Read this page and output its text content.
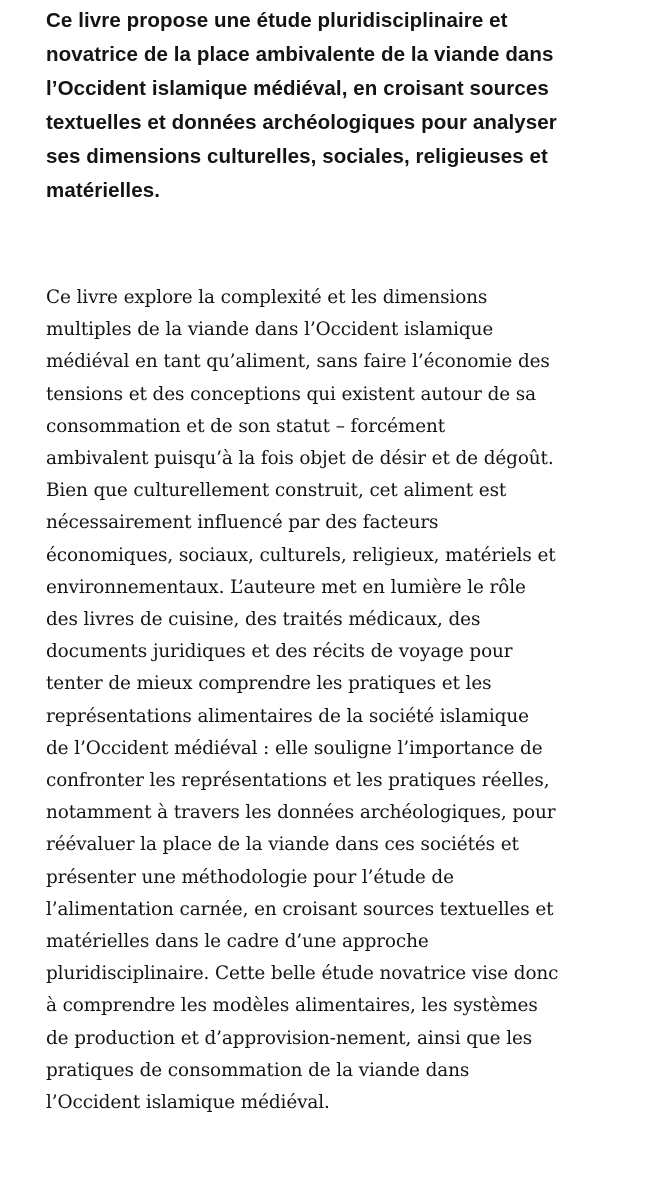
Ce livre propose une étude pluridisciplinaire et
novatrice de la place ambivalente de la viande dans
l’Occident islamique médiéval, en croisant sources
textuelles et données archéologiques pour analyser
ses dimensions culturelles, sociales, religieuses et
matérielles.

Ce livre explore la complexité et les dimensions
multiples de la viande dans l’Occident islamique
médiéval en tant qu’aliment, sans faire l’économie des
tensions et des conceptions qui existent autour de sa
consommation et de son statut – forcément
ambivalent puisqu’à la fois objet de désir et de dégoût.
Bien que culturellement construit, cet aliment est
nécessairement influencé par des facteurs
économiques, sociaux, culturels, religieux, matériels et
environnementaux. L’auteure met en lumière le rôle
des livres de cuisine, des traités médicaux, des
documents juridiques et des récits de voyage pour
tenter de mieux comprendre les pratiques et les
représentations alimentaires de la société islamique
de l’Occident médiéval : elle souligne l’importance de
confronter les représentations et les pratiques réelles,
notamment à travers les données archéologiques, pour
réévaluer la place de la viande dans ces sociétés et
présenter une méthodologie pour l’étude de
l’alimentation carnée, en croisant sources textuelles et
matérielles dans le cadre d’une approche
pluridisciplinaire. Cette belle étude novatrice vise donc
à comprendre les modèles alimentaires, les systèmes
de production et d’approvision-nement, ainsi que les
pratiques de consommation de la viande dans
l’Occident islamique médiéval.
